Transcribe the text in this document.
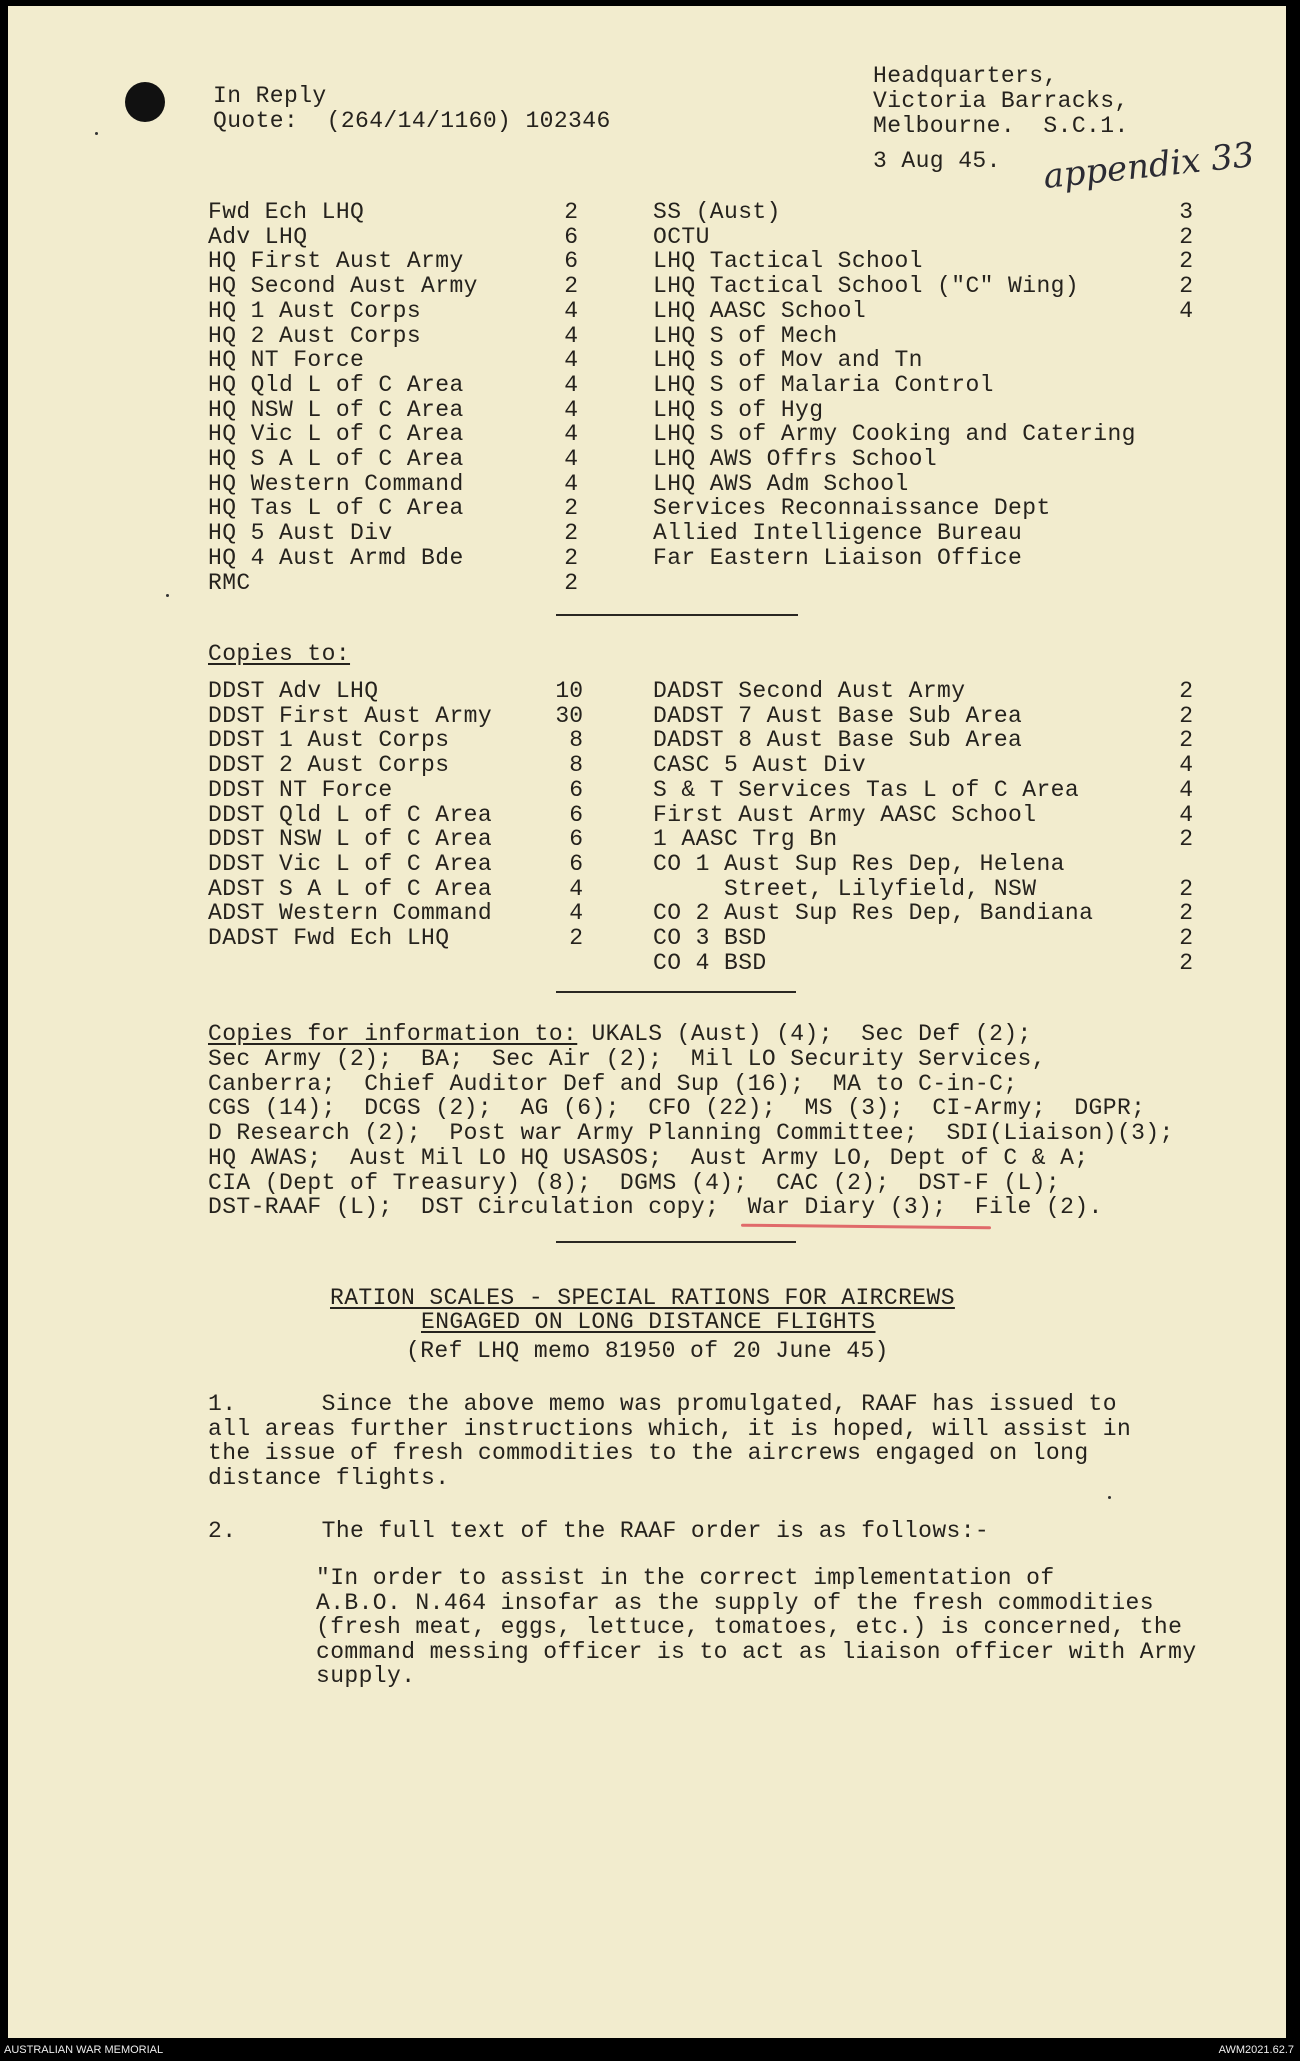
In Reply
Quote:  (264/14/1160) 102346
Headquarters,
Victoria Barracks,
Melbourne.  S.C.1.
3 Aug 45. appendix 33
Fwd Ech LHQ	2
Adv LHQ	6
HQ First Aust Army	6
HQ Second Aust Army	2
HQ 1 Aust Corps	4
HQ 2 Aust Corps	4
HQ NT Force	4
HQ Qld L of C Area	4
HQ NSW L of C Area	4
HQ Vic L of C Area	4
HQ S A L of C Area	4
HQ Western Command	4
HQ Tas L of C Area	2
HQ 5 Aust Div	2
HQ 4 Aust Armd Bde	2
RMC	2
SS (Aust)	3
OCTU	2
LHQ Tactical School	2
LHQ Tactical School ("C" Wing)	2
LHQ AASC School	4
LHQ S of Mech
LHQ S of Mov and Tn
LHQ S of Malaria Control
LHQ S of Hyg
LHQ S of Army Cooking and Catering
LHQ AWS Offrs School
LHQ AWS Adm School
Services Reconnaissance Dept
Allied Intelligence Bureau
Far Eastern Liaison Office
Copies to:
DDST Adv LHQ	10
DDST First Aust Army	30
DDST 1 Aust Corps	8
DDST 2 Aust Corps	8
DDST NT Force	6
DDST Qld L of C Area	6
DDST NSW L of C Area	6
DDST Vic L of C Area	6
ADST S A L of C Area	4
ADST Western Command	4
DADST Fwd Ech LHQ	2
DADST Second Aust Army	2
DADST 7 Aust Base Sub Area	2
DADST 8 Aust Base Sub Area	2
CASC 5 Aust Div	4
S & T Services Tas L of C Area	4
First Aust Army AASC School	4
1 AASC Trg Bn	2
CO 1 Aust Sup Res Dep, Helena
Street, Lilyfield, NSW	2
CO 2 Aust Sup Res Dep, Bandiana	2
CO 3 BSD	2
CO 4 BSD	2
Copies for information to: UKALS (Aust) (4);  Sec Def (2);
Sec Army (2);  BA;  Sec Air (2);  Mil LO Security Services,
Canberra;  Chief Auditor Def and Sup (16);  MA to C-in-C;
CGS (14);  DCGS (2);  AG (6);  CFO (22);  MS (3);  CI-Army;  DGPR;
D Research (2);  Post war Army Planning Committee;  SDI(Liaison)(3);
HQ AWAS;  Aust Mil LO HQ USASOS;  Aust Army LO, Dept of C & A;
CIA (Dept of Treasury) (8);  DGMS (4);  CAC (2);  DST-F (L);
DST-RAAF (L);  DST Circulation copy;  War Diary (3);  File (2).
RATION SCALES - SPECIAL RATIONS FOR AIRCREWS
ENGAGED ON LONG DISTANCE FLIGHTS
(Ref LHQ memo 81950 of 20 June 45)
1.      Since the above memo was promulgated, RAAF has issued to
all areas further instructions which, it is hoped, will assist in
the issue of fresh commodities to the aircrews engaged on long
distance flights.
2.      The full text of the RAAF order is as follows:-
"In order to assist in the correct implementation of
A.B.O. N.464 insofar as the supply of the fresh commodities
(fresh meat, eggs, lettuce, tomatoes, etc.) is concerned, the
command messing officer is to act as liaison officer with Army
supply.
AUSTRALIAN WAR MEMORIAL	AWM2021.62.7
